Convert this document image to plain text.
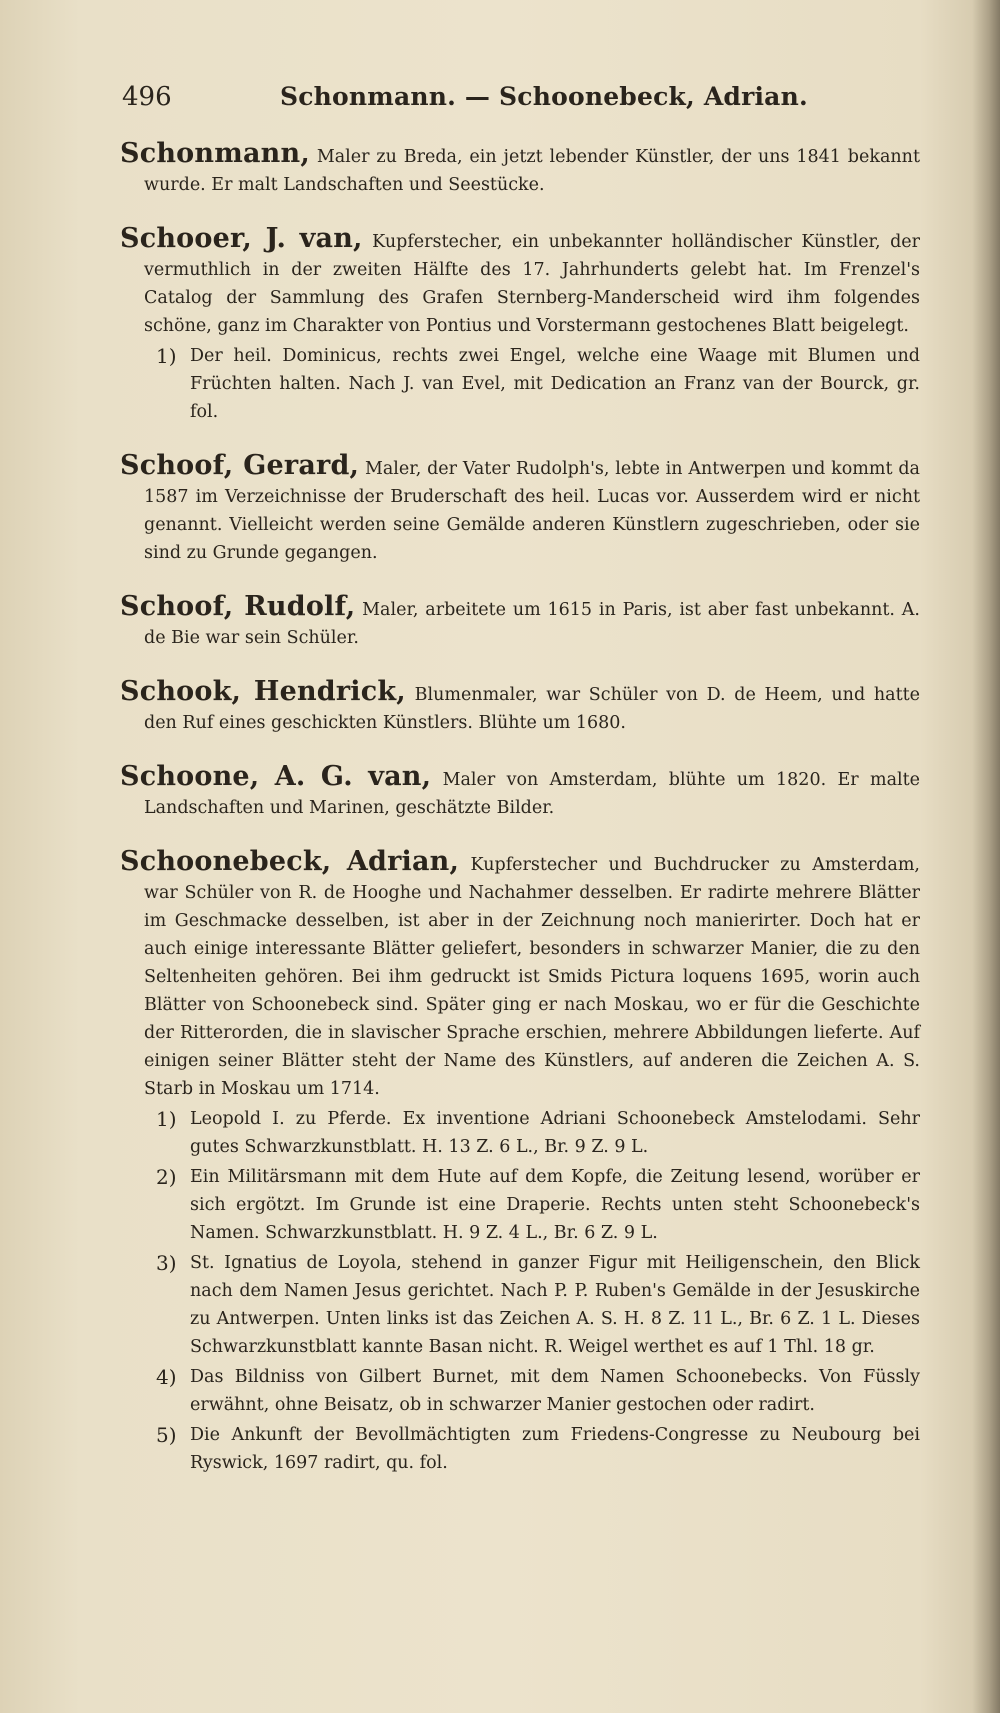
496	Schonmann. — Schoonebeck, Adrian.

Schonmann, Maler zu Breda, ein jetzt lebender Künstler, der uns 1841 bekannt wurde. Er malt Landschaften und Seestücke.

Schooer, J. van, Kupferstecher, ein unbekannter holländischer Künstler, der vermuthlich in der zweiten Hälfte des 17. Jahrhunderts gelebt hat. Im Frenzel's Catalog der Sammlung des Grafen Sternberg-Manderscheid wird ihm folgendes schöne, ganz im Charakter von Pontius und Vorstermann gestochenes Blatt beigelegt.

1) Der heil. Dominicus, rechts zwei Engel, welche eine Waage mit Blumen und Früchten halten. Nach J. van Evel, mit Dedication an Franz van der Bourck, gr. fol.

Schoof, Gerard, Maler, der Vater Rudolph's, lebte in Antwerpen und kommt da 1587 im Verzeichnisse der Bruderschaft des heil. Lucas vor. Ausserdem wird er nicht genannt. Vielleicht werden seine Gemälde anderen Künstlern zugeschrieben, oder sie sind zu Grunde gegangen.

Schoof, Rudolf, Maler, arbeitete um 1615 in Paris, ist aber fast unbekannt. A. de Bie war sein Schüler.

Schook, Hendrick, Blumenmaler, war Schüler von D. de Heem, und hatte den Ruf eines geschickten Künstlers. Blühte um 1680.

Schoone, A. G. van, Maler von Amsterdam, blühte um 1820. Er malte Landschaften und Marinen, geschätzte Bilder.

Schoonebeck, Adrian, Kupferstecher und Buchdrucker zu Amsterdam, war Schüler von R. de Hooghe und Nachahmer desselben. Er radirte mehrere Blätter im Geschmacke desselben, ist aber in der Zeichnung noch manierirter. Doch hat er auch einige interessante Blätter geliefert, besonders in schwarzer Manier, die zu den Seltenheiten gehören. Bei ihm gedruckt ist Smids Pictura loquens 1695, worin auch Blätter von Schoonebeck sind. Später ging er nach Moskau, wo er für die Geschichte der Ritterorden, die in slavischer Sprache erschien, mehrere Abbildungen lieferte. Auf einigen seiner Blätter steht der Name des Künstlers, auf anderen die Zeichen A. S. Starb in Moskau um 1714.

1) Leopold I. zu Pferde. Ex inventione Adriani Schoonebeck Amstelodami. Sehr gutes Schwarzkunstblatt. H. 13 Z. 6 L., Br. 9 Z. 9 L.
2) Ein Militärsmann mit dem Hute auf dem Kopfe, die Zeitung lesend, worüber er sich ergötzt. Im Grunde ist eine Draperie. Rechts unten steht Schoonebeck's Namen. Schwarzkunstblatt. H. 9 Z. 4 L., Br. 6 Z. 9 L.
3) St. Ignatius de Loyola, stehend in ganzer Figur mit Heiligenschein, den Blick nach dem Namen Jesus gerichtet. Nach P. P. Ruben's Gemälde in der Jesuskirche zu Antwerpen. Unten links ist das Zeichen A. S. H. 8 Z. 11 L., Br. 6 Z. 1 L. Dieses Schwarzkunstblatt kannte Basan nicht. R. Weigel werthet es auf 1 Thl. 18 gr.
4) Das Bildniss von Gilbert Burnet, mit dem Namen Schoonebecks. Von Füssly erwähnt, ohne Beisatz, ob in schwarzer Manier gestochen oder radirt.
5) Die Ankunft der Bevollmächtigten zum Friedens-Congresse zu Neubourg bei Ryswick, 1697 radirt, qu. fol.
